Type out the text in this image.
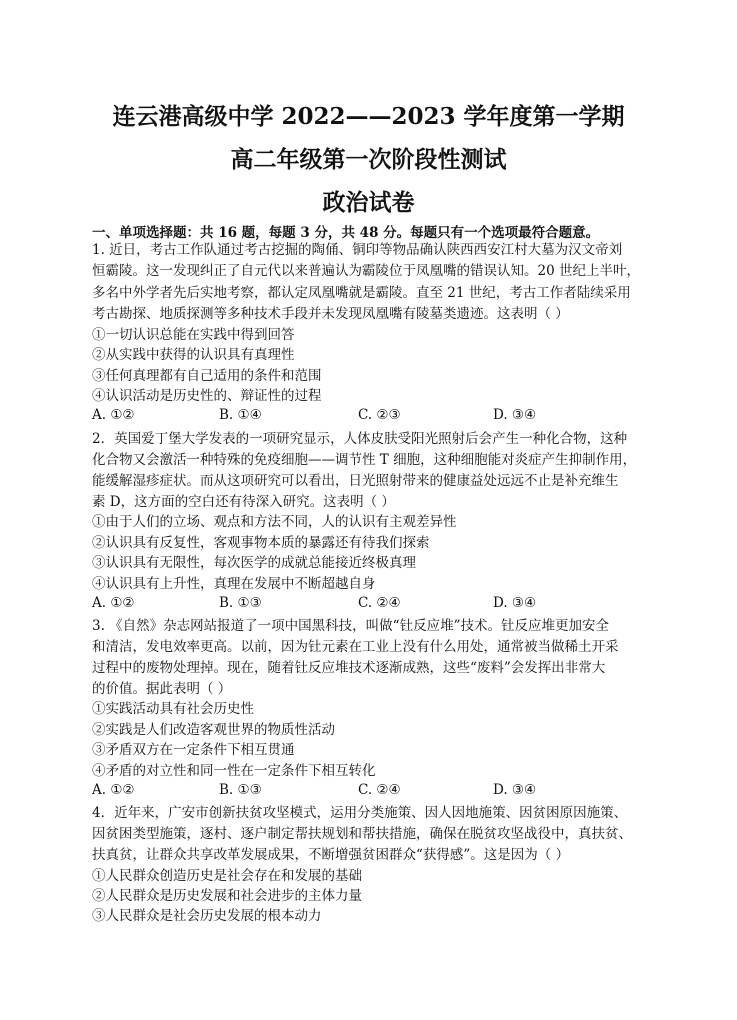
连云港高级中学 2022——2023 学年度第一学期
高二年级第一次阶段性测试
政治试卷
一、单项选择题：共 16 题，每题 3 分，共 48 分。每题只有一个选项最符合题意。
1. 近日，考古工作队通过考古挖掘的陶俑、铜印等物品确认陕西西安江村大墓为汉文帝刘
恒霸陵。这一发现纠正了自元代以来普遍认为霸陵位于凤凰嘴的错误认知。20 世纪上半叶，
多名中外学者先后实地考察，都认定凤凰嘴就是霸陵。直至 21 世纪，考古工作者陆续采用
考古勘探、地质探测等多种技术手段并未发现凤凰嘴有陵墓类遗迹。这表明（ ）
①一切认识总能在实践中得到回答
②从实践中获得的认识具有真理性
③任何真理都有自己适用的条件和范围
④认识活动是历史性的、辩证性的过程
A. ①②	B. ①④	C. ②③	D. ③④
2．英国爱丁堡大学发表的一项研究显示，人体皮肤受阳光照射后会产生一种化合物，这种
化合物又会激活一种特殊的免疫细胞——调节性 T 细胞，这种细胞能对炎症产生抑制作用，
能缓解湿疹症状。而从这项研究可以看出，日光照射带来的健康益处远远不止是补充维生
素 D，这方面的空白还有待深入研究。这表明（ ）
①由于人们的立场、观点和方法不同，人的认识有主观差异性
②认识具有反复性，客观事物本质的暴露还有待我们探索
③认识具有无限性，每次医学的成就总能接近终极真理
④认识具有上升性，真理在发展中不断超越自身
A. ①②	B. ①③	C. ②④	D. ③④
3. 《自然》杂志网站报道了一项中国黑科技，叫做“钍反应堆”技术。钍反应堆更加安全
和清洁，发电效率更高。以前，因为钍元素在工业上没有什么用处，通常被当做稀土开采
过程中的废物处理掉。现在，随着钍反应堆技术逐渐成熟，这些“废料”会发挥出非常大
的价值。据此表明（ ）
①实践活动具有社会历史性
②实践是人们改造客观世界的物质性活动
③矛盾双方在一定条件下相互贯通
④矛盾的对立性和同一性在一定条件下相互转化
A. ①②	B. ①③	C. ②④	D. ③④
4．近年来，广安市创新扶贫攻坚模式，运用分类施策、因人因地施策、因贫困原因施策、
因贫困类型施策，逐村、逐户制定帮扶规划和帮扶措施，确保在脱贫攻坚战役中，真扶贫、
扶真贫，让群众共享改革发展成果，不断增强贫困群众“获得感”。这是因为（ ）
①人民群众创造历史是社会存在和发展的基础
②人民群众是历史发展和社会进步的主体力量
③人民群众是社会历史发展的根本动力
